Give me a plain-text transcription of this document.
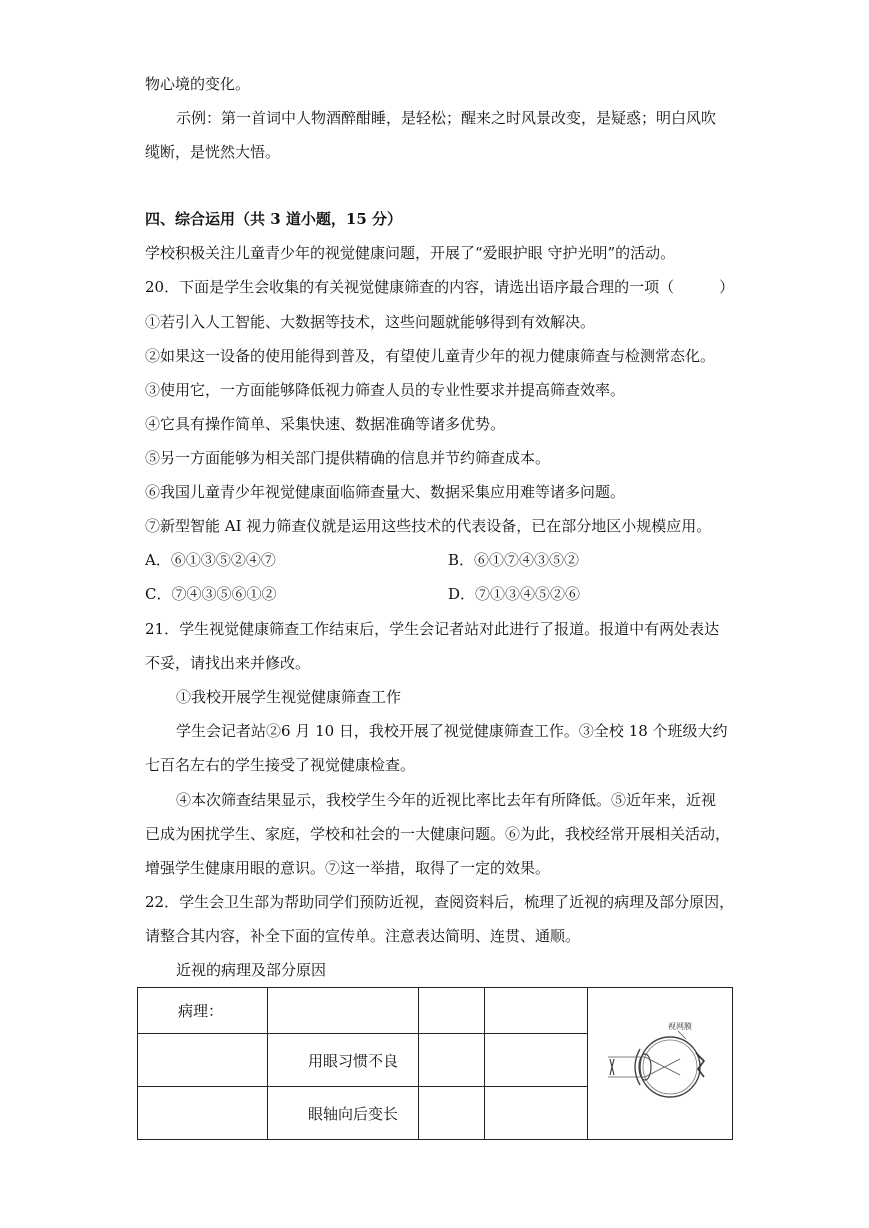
物心境的变化。
示例：第一首词中人物酒醉酣睡，是轻松；醒来之时风景改变，是疑惑；明白风吹
缆断，是恍然大悟。
四、综合运用（共 3 道小题，15 分）
学校积极关注儿童青少年的视觉健康问题，开展了“爱眼护眼 守护光明”的活动。
20．下面是学生会收集的有关视觉健康筛查的内容，请选出语序最合理的一项（　　　）
①若引入人工智能、大数据等技术，这些问题就能够得到有效解决。
②如果这一设备的使用能得到普及，有望使儿童青少年的视力健康筛查与检测常态化。
③使用它，一方面能够降低视力筛查人员的专业性要求并提高筛查效率。
④它具有操作简单、采集快速、数据准确等诸多优势。
⑤另一方面能够为相关部门提供精确的信息并节约筛查成本。
⑥我国儿童青少年视觉健康面临筛查量大、数据采集应用难等诸多问题。
⑦新型智能 AI 视力筛查仪就是运用这些技术的代表设备，已在部分地区小规模应用。
A．⑥①③⑤②④⑦	B．⑥①⑦④③⑤②
C．⑦④③⑤⑥①②	D．⑦①③④⑤②⑥
21．学生视觉健康筛查工作结束后，学生会记者站对此进行了报道。报道中有两处表达
不妥，请找出来并修改。
①我校开展学生视觉健康筛查工作
学生会记者站②6 月 10 日，我校开展了视觉健康筛查工作。③全校 18 个班级大约
七百名左右的学生接受了视觉健康检查。
④本次筛查结果显示，我校学生今年的近视比率比去年有所降低。⑤近年来，近视
已成为困扰学生、家庭，学校和社会的一大健康问题。⑥为此，我校经常开展相关活动，
增强学生健康用眼的意识。⑦这一举措，取得了一定的效果。
22．学生会卫生部为帮助同学们预防近视，查阅资料后，梳理了近视的病理及部分原因，
请整合其内容，补全下面的宣传单。注意表达简明、连贯、通顺。
近视的病理及部分原因
病理：				视网膜

	用眼习惯不良			

	眼轴向后变长			
